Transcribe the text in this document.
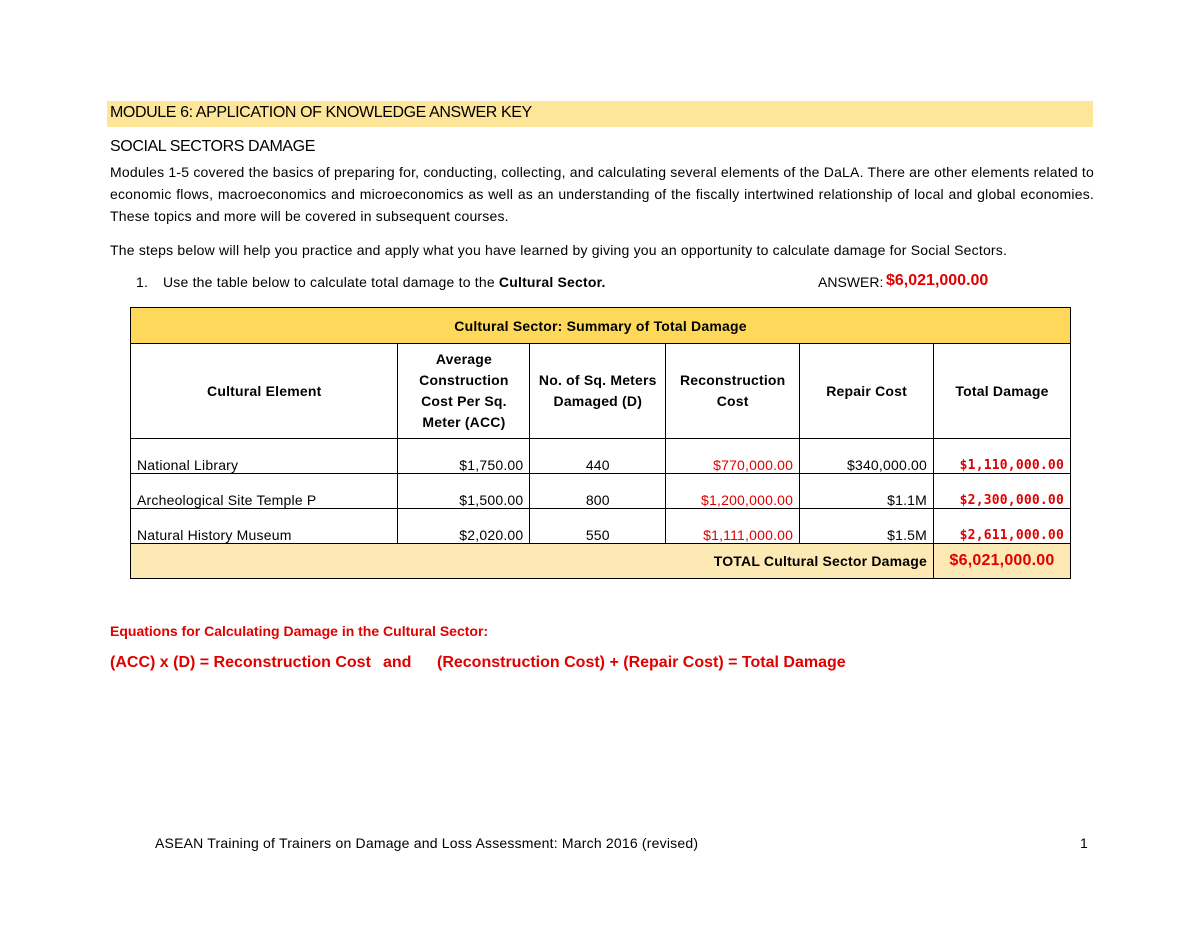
MODULE 6: APPLICATION OF KNOWLEDGE ANSWER KEY
SOCIAL SECTORS DAMAGE
Modules 1-5 covered the basics of preparing for, conducting, collecting, and calculating several elements of the DaLA. There are other elements related to economic flows, macroeconomics and microeconomics as well as an understanding of the fiscally intertwined relationship of local and global economies. These topics and more will be covered in subsequent courses.
The steps below will help you practice and apply what you have learned by giving you an opportunity to calculate damage for Social Sectors.
1. Use the table below to calculate total damage to the Cultural Sector.	ANSWER: $6,021,000.00
Cultural Sector: Summary of Total Damage					
Cultural Element	Average Construction Cost Per Sq. Meter (ACC)	No. of Sq. Meters Damaged (D)	Reconstruction Cost	Repair Cost	Total Damage
National Library	$1,750.00	440	$770,000.00	$340,000.00	$1,110,000.00
Archeological Site Temple P	$1,500.00	800	$1,200,000.00	$1.1M	$2,300,000.00
Natural History Museum	$2,020.00	550	$1,111,000.00	$1.5M	$2,611,000.00
TOTAL Cultural Sector Damage					$6,021,000.00
Equations for Calculating Damage in the Cultural Sector:
(ACC) x (D) = Reconstruction Cost and (Reconstruction Cost) + (Repair Cost) = Total Damage
ASEAN Training of Trainers on Damage and Loss Assessment: March 2016 (revised)	1
